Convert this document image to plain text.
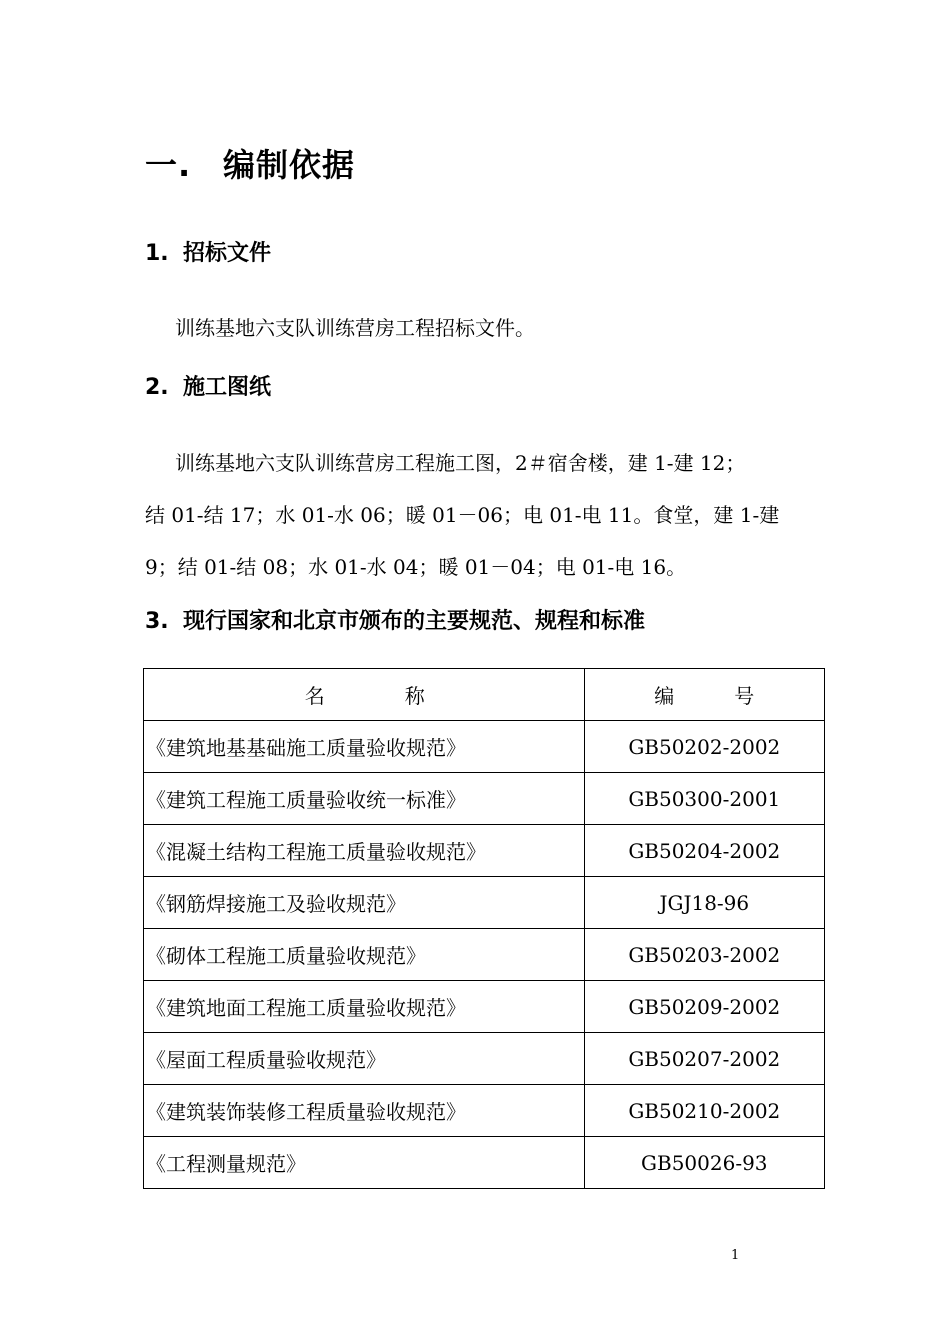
一. 编制依据
1. 招标文件
训练基地六支队训练营房工程招标文件。
2. 施工图纸
训练基地六支队训练营房工程施工图，2＃宿舍楼，建 1-建 12；
结 01-结 17；水 01-水 06；暖 01－06；电 01-电 11。食堂，建 1-建
9；结 01-结 08；水 01-水 04；暖 01－04；电 01-电 16。
3. 现行国家和北京市颁布的主要规范、规程和标准
名　　　　称	编　　　号
《建筑地基基础施工质量验收规范》	GB50202-2002
《建筑工程施工质量验收统一标准》	GB50300-2001
《混凝土结构工程施工质量验收规范》	GB50204-2002
《钢筋焊接施工及验收规范》	JGJ18-96
《砌体工程施工质量验收规范》	GB50203-2002
《建筑地面工程施工质量验收规范》	GB50209-2002
《屋面工程质量验收规范》	GB50207-2002
《建筑装饰装修工程质量验收规范》	GB50210-2002
《工程测量规范》	GB50026-93
1
